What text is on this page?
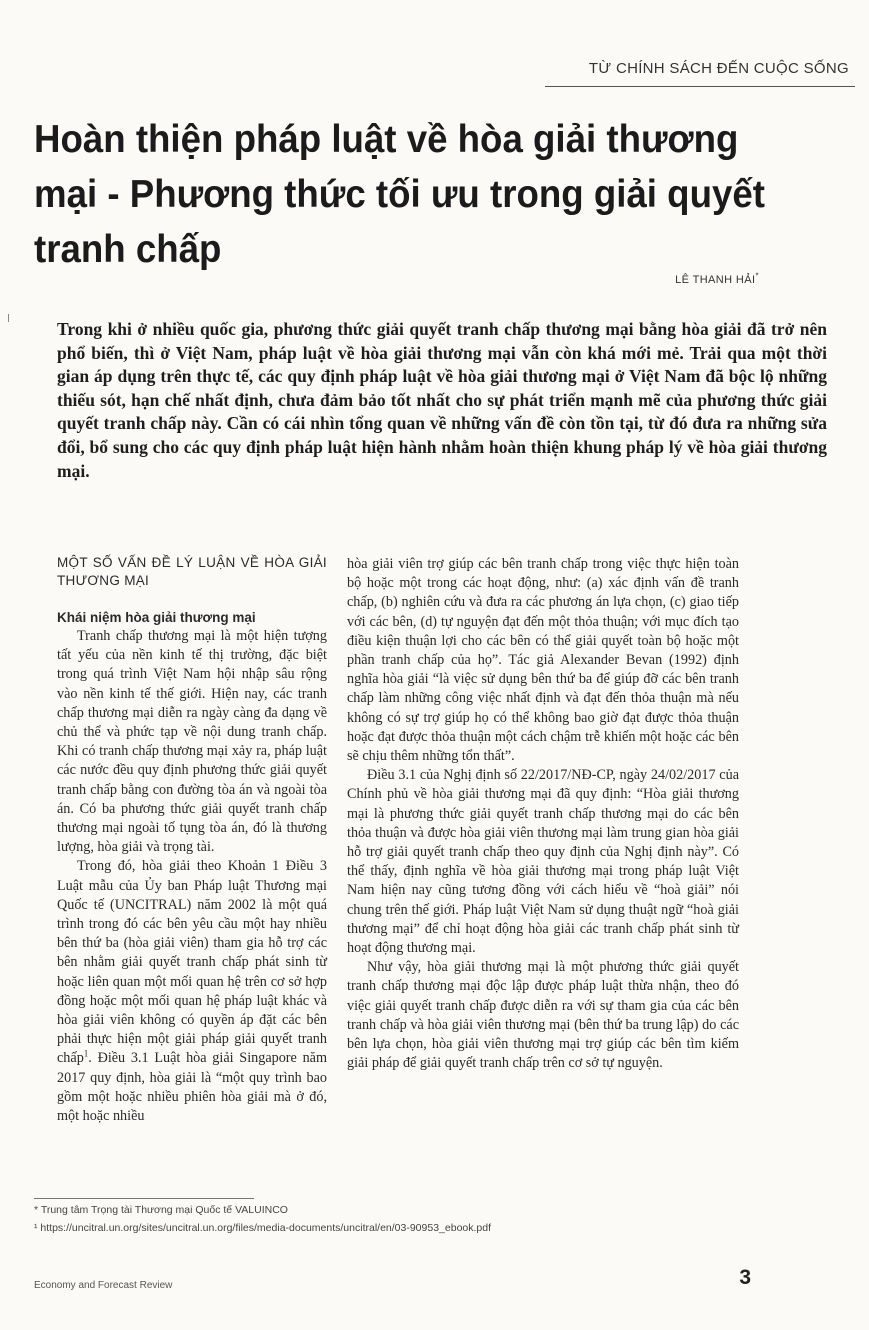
TỪ CHÍNH SÁCH ĐẾN CUỘC SỐNG
Hoàn thiện pháp luật về hòa giải thương mại - Phương thức tối ưu trong giải quyết tranh chấp
LÊ THANH HẢI*

Trong khi ở nhiều quốc gia, phương thức giải quyết tranh chấp thương mại bằng hòa giải đã trở nên phổ biến, thì ở Việt Nam, pháp luật về hòa giải thương mại vẫn còn khá mới mẻ. Trải qua một thời gian áp dụng trên thực tế, các quy định pháp luật về hòa giải thương mại ở Việt Nam đã bộc lộ những thiếu sót, hạn chế nhất định, chưa đảm bảo tốt nhất cho sự phát triển mạnh mẽ của phương thức giải quyết tranh chấp này. Cần có cái nhìn tổng quan về những vấn đề còn tồn tại, từ đó đưa ra những sửa đổi, bổ sung cho các quy định pháp luật hiện hành nhằm hoàn thiện khung pháp lý về hòa giải thương mại.

MỘT SỐ VẤN ĐỀ LÝ LUẬN VỀ HÒA GIẢI THƯƠNG MẠI
Khái niệm hòa giải thương mại

Tranh chấp thương mại là một hiện tượng tất yếu của nền kinh tế thị trường, đặc biệt trong quá trình Việt Nam hội nhập sâu rộng vào nền kinh tế thế giới. Hiện nay, các tranh chấp thương mại diễn ra ngày càng đa dạng về chủ thể và phức tạp về nội dung tranh chấp. Khi có tranh chấp thương mại xảy ra, pháp luật các nước đều quy định phương thức giải quyết tranh chấp bằng con đường tòa án và ngoài tòa án. Có ba phương thức giải quyết tranh chấp thương mại ngoài tố tụng tòa án, đó là thương lượng, hòa giải và trọng tài.

Trong đó, hòa giải theo Khoản 1 Điều 3 Luật mẫu của Ủy ban Pháp luật Thương mại Quốc tế (UNCITRAL) năm 2002 là một quá trình trong đó các bên yêu cầu một hay nhiều bên thứ ba (hòa giải viên) tham gia hỗ trợ các bên nhằm giải quyết tranh chấp phát sinh từ hoặc liên quan một mối quan hệ trên cơ sở hợp đồng hoặc một mối quan hệ pháp luật khác và hòa giải viên không có quyền áp đặt các bên phải thực hiện một giải pháp giải quyết tranh chấp$^1$. Điều 3.1 Luật hòa giải Singapore năm 2017 quy định, hòa giải là “một quy trình bao gồm một hoặc nhiều phiên hòa giải mà ở đó, một hoặc nhiều

hòa giải viên trợ giúp các bên tranh chấp trong việc thực hiện toàn bộ hoặc một trong các hoạt động, như: (a) xác định vấn đề tranh chấp, (b) nghiên cứu và đưa ra các phương án lựa chọn, (c) giao tiếp với các bên, (d) tự nguyện đạt đến một thỏa thuận; với mục đích tạo điều kiện thuận lợi cho các bên có thể giải quyết toàn bộ hoặc một phần tranh chấp của họ”. Tác giả Alexander Bevan (1992) định nghĩa hòa giải “là việc sử dụng bên thứ ba để giúp đỡ các bên tranh chấp làm những công việc nhất định và đạt đến thỏa thuận mà nếu không có sự trợ giúp họ có thể không bao giờ đạt được thỏa thuận hoặc đạt được thỏa thuận một cách chậm trễ khiến một hoặc các bên sẽ chịu thêm những tổn thất”.

Điều 3.1 của Nghị định số 22/2017/NĐ-CP, ngày 24/02/2017 của Chính phủ về hòa giải thương mại đã quy định: “Hòa giải thương mại là phương thức giải quyết tranh chấp thương mại do các bên thỏa thuận và được hòa giải viên thương mại làm trung gian hòa giải hỗ trợ giải quyết tranh chấp theo quy định của Nghị định này”. Có thể thấy, định nghĩa về hòa giải thương mại trong pháp luật Việt Nam hiện nay cũng tương đồng với cách hiểu về “hoà giải” nói chung trên thế giới. Pháp luật Việt Nam sử dụng thuật ngữ “hoà giải thương mại” để chỉ hoạt động hòa giải các tranh chấp phát sinh từ hoạt động thương mại.

Như vậy, hòa giải thương mại là một phương thức giải quyết tranh chấp thương mại độc lập được pháp luật thừa nhận, theo đó việc giải quyết tranh chấp được diễn ra với sự tham gia của các bên tranh chấp và hòa giải viên thương mại (bên thứ ba trung lập) do các bên lựa chọn, hòa giải viên thương mại trợ giúp các bên tìm kiếm giải pháp để giải quyết tranh chấp trên cơ sở tự nguyện.

* Trung tâm Trọng tài Thương mại Quốc tế VALUINCO
¹ https://uncitral.un.org/sites/uncitral.un.org/files/media-documents/uncitral/en/03-90953_ebook.pdf
Economy and Forecast Review	3
